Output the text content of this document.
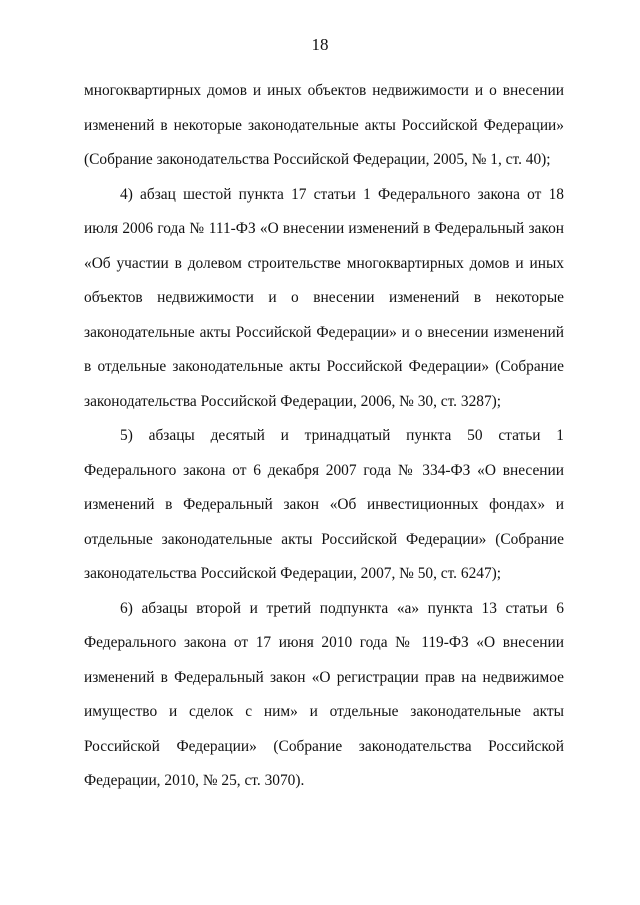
18

многоквартирных домов и иных объектов недвижимости и о внесении изменений в некоторые законодательные акты Российской Федерации» (Собрание законодательства Российской Федерации, 2005, № 1, ст. 40);

4) абзац шестой пункта 17 статьи 1 Федерального закона от 18 июля 2006 года № 111-ФЗ «О внесении изменений в Федеральный закон «Об участии в долевом строительстве многоквартирных домов и иных объектов недвижимости и о внесении изменений в некоторые законодательные акты Российской Федерации» и о внесении изменений в отдельные законодательные акты Российской Федерации» (Собрание законодательства Российской Федерации, 2006, № 30, ст. 3287);

5) абзацы десятый и тринадцатый пункта 50 статьи 1 Федерального закона от 6 декабря 2007 года № 334-ФЗ «О внесении изменений в Федеральный закон «Об инвестиционных фондах» и отдельные законодательные акты Российской Федерации» (Собрание законодательства Российской Федерации, 2007, № 50, ст. 6247);

6) абзацы второй и третий подпункта «а» пункта 13 статьи 6 Федерального закона от 17 июня 2010 года № 119-ФЗ «О внесении изменений в Федеральный закон «О регистрации прав на недвижимое имущество и сделок с ним» и отдельные законодательные акты Российской Федерации» (Собрание законодательства Российской Федерации, 2010, № 25, ст. 3070).
